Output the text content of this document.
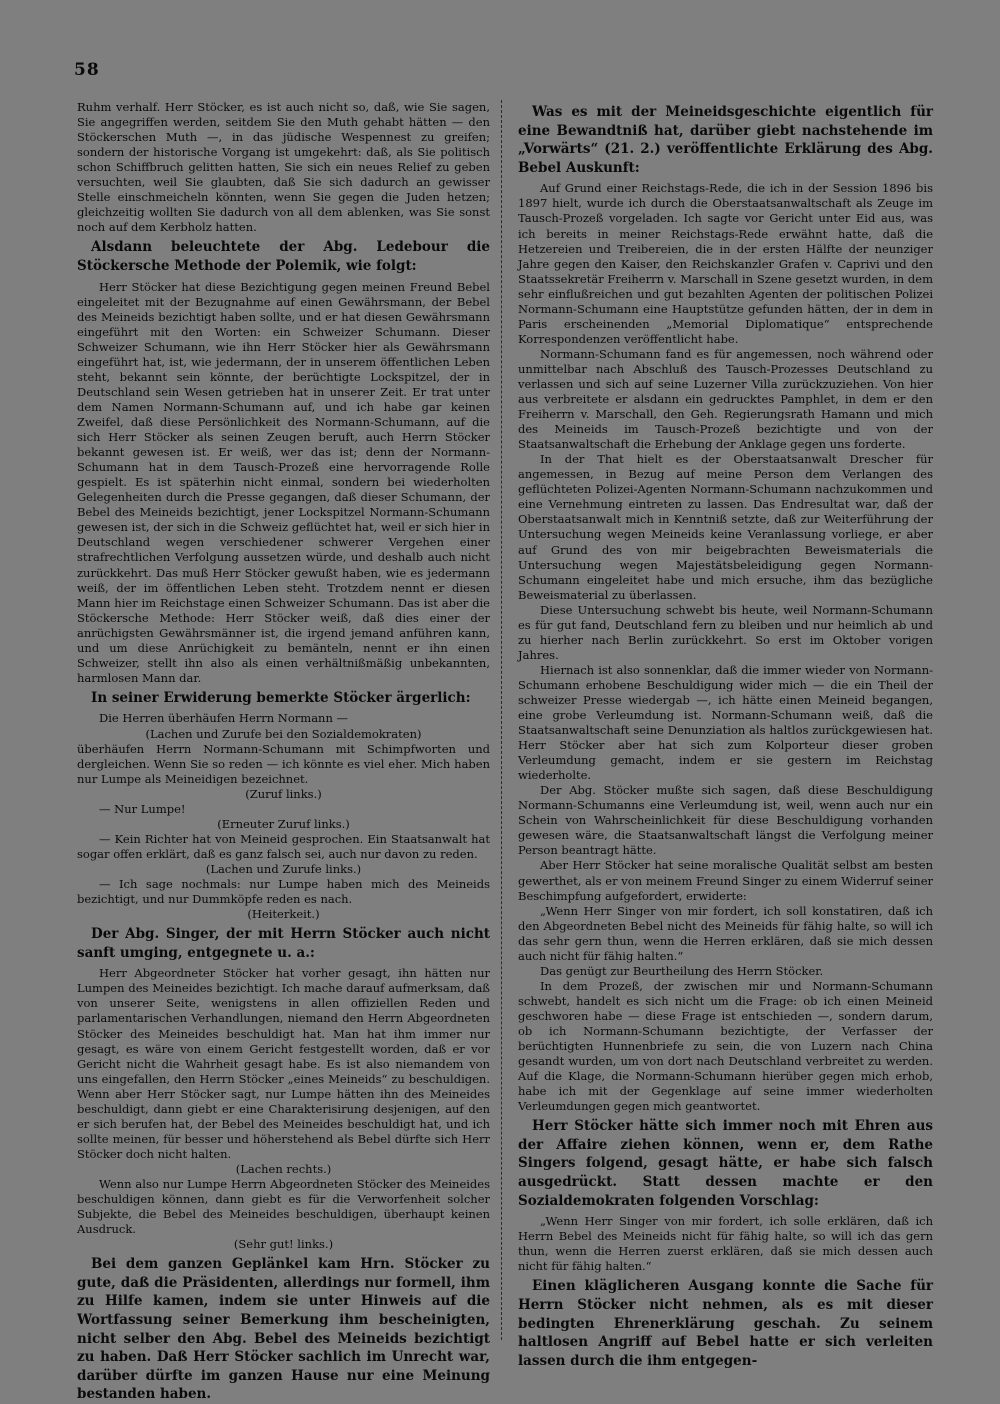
58

Ruhm verhalf. Herr Stöcker, es ist auch nicht so, daß, wie Sie sagen, Sie angegriffen werden, seitdem Sie den Muth gehabt hätten — den Stöckerschen Muth —, in das jüdische Wespennest zu greifen; sondern der historische Vorgang ist umgekehrt: daß, als Sie politisch schon Schiffbruch gelitten hatten, Sie sich ein neues Relief zu geben versuchten, weil Sie glaubten, daß Sie sich dadurch an gewisser Stelle einschmeicheln könnten, wenn Sie gegen die Juden hetzen; gleichzeitig wollten Sie dadurch von all dem ablenken, was Sie sonst noch auf dem Kerbholz hatten.

Alsdann beleuchtete der Abg. Ledebour die Stöckersche Methode der Polemik, wie folgt:

Herr Stöcker hat diese Bezichtigung gegen meinen Freund Bebel eingeleitet mit der Bezugnahme auf einen Gewährsmann, der Bebel des Meineids bezichtigt haben sollte, und er hat diesen Gewährsmann eingeführt mit den Worten: ein Schweizer Schumann. Dieser Schweizer Schumann, wie ihn Herr Stöcker hier als Gewährsmann eingeführt hat, ist, wie jedermann, der in unserem öffentlichen Leben steht, bekannt sein könnte, der berüchtigte Lockspitzel, der in Deutschland sein Wesen getrieben hat in unserer Zeit. Er trat unter dem Namen Normann-Schumann auf, und ich habe gar keinen Zweifel, daß diese Persönlichkeit des Normann-Schumann, auf die sich Herr Stöcker als seinen Zeugen beruft, auch Herrn Stöcker bekannt gewesen ist. Er weiß, wer das ist; denn der Normann-Schumann hat in dem Tausch-Prozeß eine hervorragende Rolle gespielt. Es ist späterhin nicht einmal, sondern bei wiederholten Gelegenheiten durch die Presse gegangen, daß dieser Schumann, der Bebel des Meineids bezichtigt, jener Lockspitzel Normann-Schumann gewesen ist, der sich in die Schweiz geflüchtet hat, weil er sich hier in Deutschland wegen verschiedener schwerer Vergehen einer strafrechtlichen Verfolgung aussetzen würde, und deshalb auch nicht zurückkehrt. Das muß Herr Stöcker gewußt haben, wie es jedermann weiß, der im öffentlichen Leben steht. Trotzdem nennt er diesen Mann hier im Reichstage einen Schweizer Schumann. Das ist aber die Stöckersche Methode: Herr Stöcker weiß, daß dies einer der anrüchigsten Gewährsmänner ist, die irgend jemand anführen kann, und um diese Anrüchigkeit zu bemänteln, nennt er ihn einen Schweizer, stellt ihn also als einen verhältnißmäßig unbekannten, harmlosen Mann dar.

In seiner Erwiderung bemerkte Stöcker ärgerlich:

Die Herren überhäufen Herrn Normann —

(Lachen und Zurufe bei den Sozialdemokraten)

überhäufen Herrn Normann-Schumann mit Schimpfworten und dergleichen. Wenn Sie so reden — ich könnte es viel eher. Mich haben nur Lumpe als Meineidigen bezeichnet.

(Zuruf links.)

— Nur Lumpe!

(Erneuter Zuruf links.)

— Kein Richter hat von Meineid gesprochen. Ein Staatsanwalt hat sogar offen erklärt, daß es ganz falsch sei, auch nur davon zu reden.

(Lachen und Zurufe links.)

— Ich sage nochmals: nur Lumpe haben mich des Meineids bezichtigt, und nur Dummköpfe reden es nach.

(Heiterkeit.)

Der Abg. Singer, der mit Herrn Stöcker auch nicht sanft umging, entgegnete u. a.:

Herr Abgeordneter Stöcker hat vorher gesagt, ihn hätten nur Lumpen des Meineides bezichtigt. Ich mache darauf aufmerksam, daß von unserer Seite, wenigstens in allen offiziellen Reden und parlamentarischen Verhandlungen, niemand den Herrn Abgeordneten Stöcker des Meineides beschuldigt hat. Man hat ihm immer nur gesagt, es wäre von einem Gericht festgestellt worden, daß er vor Gericht nicht die Wahrheit gesagt habe. Es ist also niemandem von uns eingefallen, den Herrn Stöcker „eines Meineids“ zu beschuldigen. Wenn aber Herr Stöcker sagt, nur Lumpe hätten ihn des Meineides beschuldigt, dann giebt er eine Charakterisirung desjenigen, auf den er sich berufen hat, der Bebel des Meineides beschuldigt hat, und ich sollte meinen, für besser und höherstehend als Bebel dürfte sich Herr Stöcker doch nicht halten.

(Lachen rechts.)

Wenn also nur Lumpe Herrn Abgeordneten Stöcker des Meineides beschuldigen können, dann giebt es für die Verworfenheit solcher Subjekte, die Bebel des Meineides beschuldigen, überhaupt keinen Ausdruck.

(Sehr gut! links.)

Bei dem ganzen Geplänkel kam Hrn. Stöcker zu gute, daß die Präsidenten, allerdings nur formell, ihm zu Hilfe kamen, indem sie unter Hinweis auf die Wortfassung seiner Bemerkung ihm bescheinigten, nicht selber den Abg. Bebel des Meineids bezichtigt zu haben. Daß Herr Stöcker sachlich im Unrecht war, darüber dürfte im ganzen Hause nur eine Meinung bestanden haben.

Was es mit der Meineidsgeschichte eigentlich für eine Bewandtniß hat, darüber giebt nachstehende im „Vorwärts“ (21. 2.) veröffentlichte Erklärung des Abg. Bebel Auskunft:

Auf Grund einer Reichstags-Rede, die ich in der Session 1896 bis 1897 hielt, wurde ich durch die Oberstaatsanwaltschaft als Zeuge im Tausch-Prozeß vorgeladen. Ich sagte vor Gericht unter Eid aus, was ich bereits in meiner Reichstags-Rede erwähnt hatte, daß die Hetzereien und Treibereien, die in der ersten Hälfte der neunziger Jahre gegen den Kaiser, den Reichskanzler Grafen v. Caprivi und den Staatssekretär Freiherrn v. Marschall in Szene gesetzt wurden, in dem sehr einflußreichen und gut bezahlten Agenten der politischen Polizei Normann-Schumann eine Hauptstütze gefunden hätten, der in dem in Paris erscheinenden „Memorial Diplomatique“ entsprechende Korrespondenzen veröffentlicht habe.

Normann-Schumann fand es für angemessen, noch während oder unmittelbar nach Abschluß des Tausch-Prozesses Deutschland zu verlassen und sich auf seine Luzerner Villa zurückzuziehen. Von hier aus verbreitete er alsdann ein gedrucktes Pamphlet, in dem er den Freiherrn v. Marschall, den Geh. Regierungsrath Hamann und mich des Meineids im Tausch-Prozeß bezichtigte und von der Staatsanwaltschaft die Erhebung der Anklage gegen uns forderte.

In der That hielt es der Oberstaatsanwalt Drescher für angemessen, in Bezug auf meine Person dem Verlangen des geflüchteten Polizei-Agenten Normann-Schumann nachzukommen und eine Vernehmung eintreten zu lassen. Das Endresultat war, daß der Oberstaatsanwalt mich in Kenntniß setzte, daß zur Weiterführung der Untersuchung wegen Meineids keine Veranlassung vorliege, er aber auf Grund des von mir beigebrachten Beweismaterials die Untersuchung wegen Majestätsbeleidigung gegen Normann-Schumann eingeleitet habe und mich ersuche, ihm das bezügliche Beweismaterial zu überlassen.

Diese Untersuchung schwebt bis heute, weil Normann-Schumann es für gut fand, Deutschland fern zu bleiben und nur heimlich ab und zu hierher nach Berlin zurückkehrt. So erst im Oktober vorigen Jahres.

Hiernach ist also sonnenklar, daß die immer wieder von Normann-Schumann erhobene Beschuldigung wider mich — die ein Theil der schweizer Presse wiedergab —, ich hätte einen Meineid begangen, eine grobe Verleumdung ist. Normann-Schumann weiß, daß die Staatsanwaltschaft seine Denunziation als haltlos zurückgewiesen hat. Herr Stöcker aber hat sich zum Kolporteur dieser groben Verleumdung gemacht, indem er sie gestern im Reichstag wiederholte.

Der Abg. Stöcker mußte sich sagen, daß diese Beschuldigung Normann-Schumanns eine Verleumdung ist, weil, wenn auch nur ein Schein von Wahrscheinlichkeit für diese Beschuldigung vorhanden gewesen wäre, die Staatsanwaltschaft längst die Verfolgung meiner Person beantragt hätte.

Aber Herr Stöcker hat seine moralische Qualität selbst am besten gewerthet, als er von meinem Freund Singer zu einem Widerruf seiner Beschimpfung aufgefordert, erwiderte:

„Wenn Herr Singer von mir fordert, ich soll konstatiren, daß ich den Abgeordneten Bebel nicht des Meineids für fähig halte, so will ich das sehr gern thun, wenn die Herren erklären, daß sie mich dessen auch nicht für fähig halten.“

Das genügt zur Beurtheilung des Herrn Stöcker.

In dem Prozeß, der zwischen mir und Normann-Schumann schwebt, handelt es sich nicht um die Frage: ob ich einen Meineid geschworen habe — diese Frage ist entschieden —, sondern darum, ob ich Normann-Schumann bezichtigte, der Verfasser der berüchtigten Hunnenbriefe zu sein, die von Luzern nach China gesandt wurden, um von dort nach Deutschland verbreitet zu werden. Auf die Klage, die Normann-Schumann hierüber gegen mich erhob, habe ich mit der Gegenklage auf seine immer wiederholten Verleumdungen gegen mich geantwortet.

Herr Stöcker hätte sich immer noch mit Ehren aus der Affaire ziehen können, wenn er, dem Rathe Singers folgend, gesagt hätte, er habe sich falsch ausgedrückt. Statt dessen machte er den Sozialdemokraten folgenden Vorschlag:

„Wenn Herr Singer von mir fordert, ich solle erklären, daß ich Herrn Bebel des Meineids nicht für fähig halte, so will ich das gern thun, wenn die Herren zuerst erklären, daß sie mich dessen auch nicht für fähig halten.“

Einen kläglicheren Ausgang konnte die Sache für Herrn Stöcker nicht nehmen, als es mit dieser bedingten Ehrenerklärung geschah. Zu seinem haltlosen Angriff auf Bebel hatte er sich verleiten lassen durch die ihm entgegen-
